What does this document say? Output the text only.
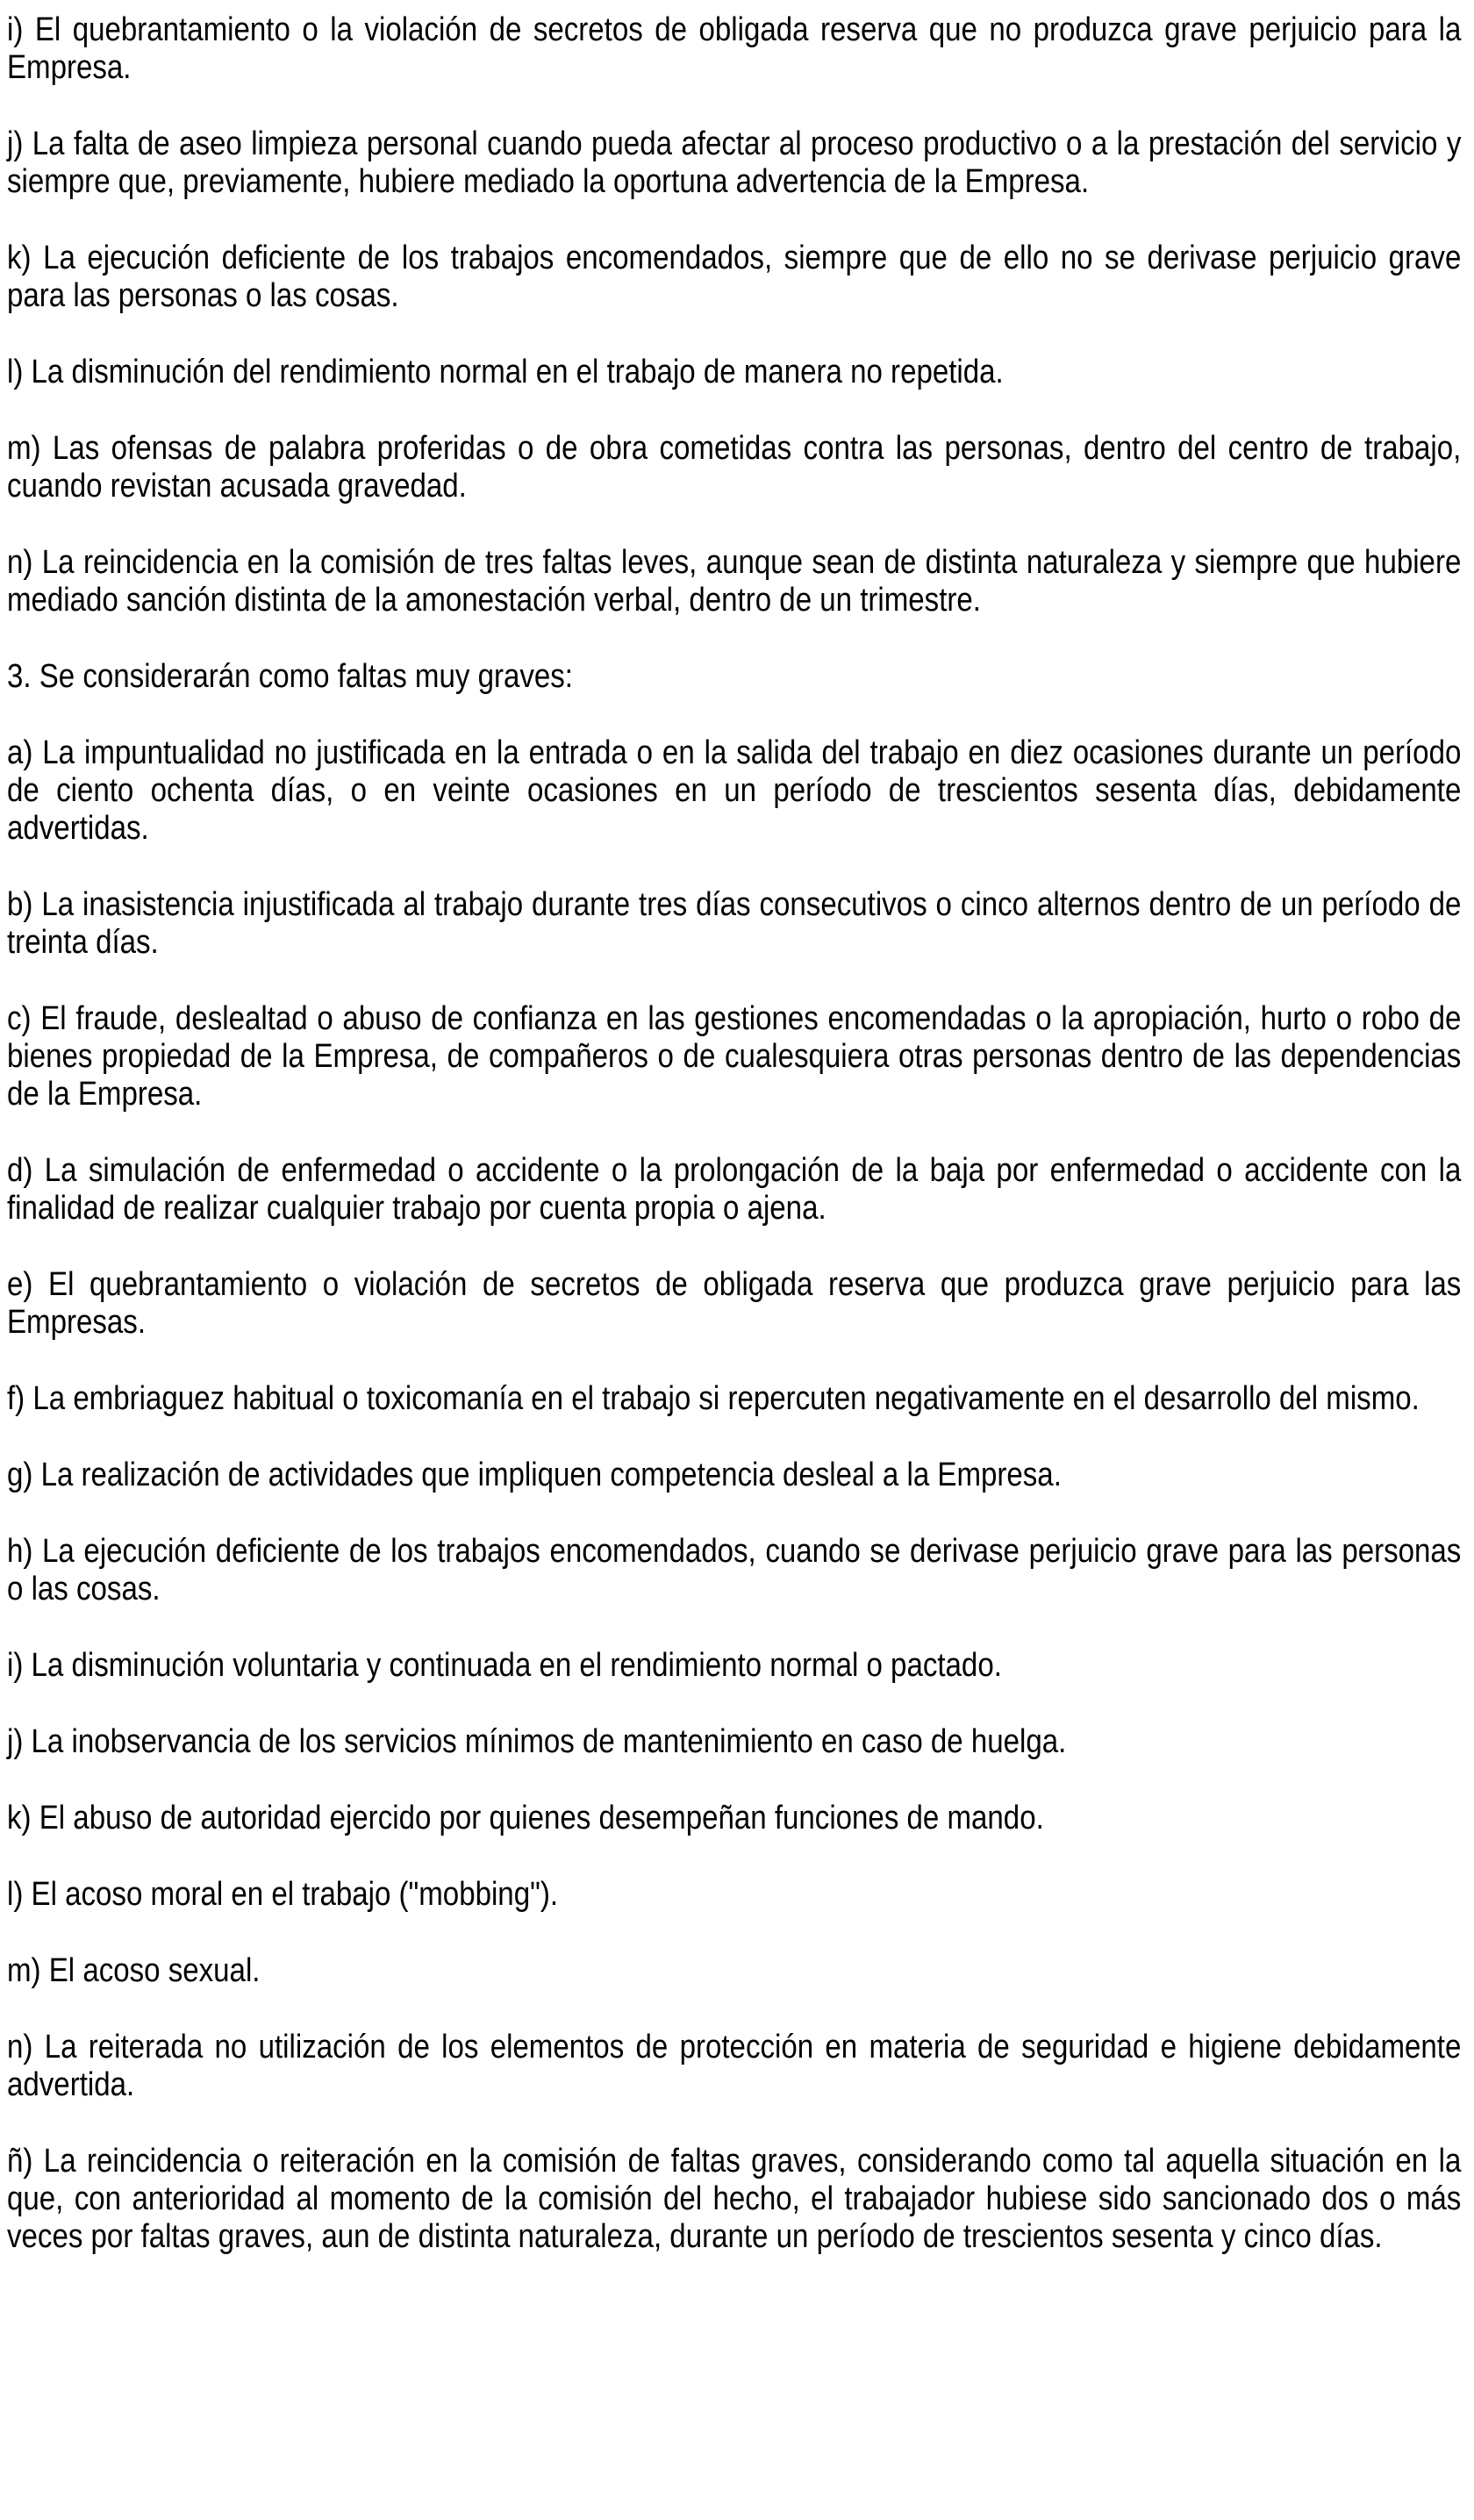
i) El quebrantamiento o la violación de secretos de obligada reserva que no produzca grave perjuicio para la Empresa.

j) La falta de aseo limpieza personal cuando pueda afectar al proceso productivo o a la prestación del servicio y siempre que, previamente, hubiere mediado la oportuna advertencia de la Empresa.

k) La ejecución deficiente de los trabajos encomendados, siempre que de ello no se derivase perjuicio grave para las personas o las cosas.

l) La disminución del rendimiento normal en el trabajo de manera no repetida.

m) Las ofensas de palabra proferidas o de obra cometidas contra las personas, dentro del centro de trabajo, cuando revistan acusada gravedad.

n) La reincidencia en la comisión de tres faltas leves, aunque sean de distinta naturaleza y siempre que hubiere mediado sanción distinta de la amonestación verbal, dentro de un trimestre.

3. Se considerarán como faltas muy graves:

a) La impuntualidad no justificada en la entrada o en la salida del trabajo en diez ocasiones durante un período de ciento ochenta días, o en veinte ocasiones en un período de trescientos sesenta días, debidamente advertidas.

b) La inasistencia injustificada al trabajo durante tres días consecutivos o cinco alternos dentro de un período de treinta días.

c) El fraude, deslealtad o abuso de confianza en las gestiones encomendadas o la apropiación, hurto o robo de bienes propiedad de la Empresa, de compañeros o de cualesquiera otras personas dentro de las dependencias de la Empresa.

d) La simulación de enfermedad o accidente o la prolongación de la baja por enfermedad o accidente con la finalidad de realizar cualquier trabajo por cuenta propia o ajena.

e) El quebrantamiento o violación de secretos de obligada reserva que produzca grave perjuicio para las Empresas.

f) La embriaguez habitual o toxicomanía en el trabajo si repercuten negativamente en el desarrollo del mismo.

g) La realización de actividades que impliquen competencia desleal a la Empresa.

h) La ejecución deficiente de los trabajos encomendados, cuando se derivase perjuicio grave para las personas o las cosas.

i) La disminución voluntaria y continuada en el rendimiento normal o pactado.

j) La inobservancia de los servicios mínimos de mantenimiento en caso de huelga.

k) El abuso de autoridad ejercido por quienes desempeñan funciones de mando.

l) El acoso moral en el trabajo ("mobbing").

m) El acoso sexual.

n) La reiterada no utilización de los elementos de protección en materia de seguridad e higiene debidamente advertida.

ñ) La reincidencia o reiteración en la comisión de faltas graves, considerando como tal aquella situación en la que, con anterioridad al momento de la comisión del hecho, el trabajador hubiese sido sancionado dos o más veces por faltas graves, aun de distinta naturaleza, durante un período de trescientos sesenta y cinco días.
